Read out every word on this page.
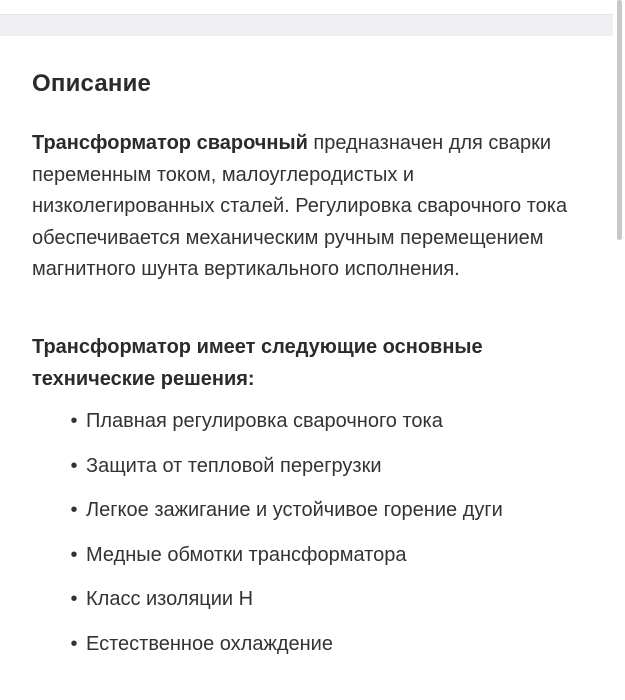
Описание

Трансформатор сварочный предназначен для сварки переменным током, малоуглеродистых и низколегированных сталей. Регулировка сварочного тока обеспечивается механическим ручным перемещением магнитного шунта вертикального исполнения.

Трансформатор имеет следующие основные технические решения:

• Плавная регулировка сварочного тока
• Защита от тепловой перегрузки
• Легкое зажигание и устойчивое горение дуги
• Медные обмотки трансформатора
• Класс изоляции Н
• Естественное охлаждение
